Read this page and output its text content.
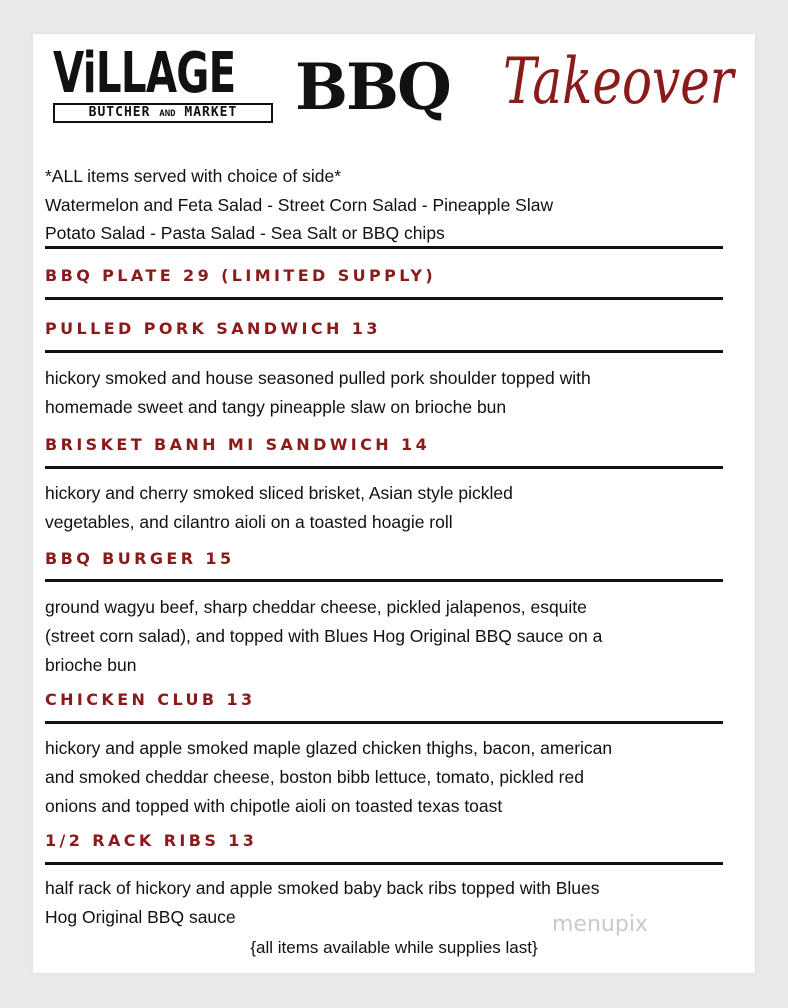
ViLLAGE
BUTCHER AND MARKET BBQ Takeover
*ALL items served with choice of side*
Watermelon and Feta Salad - Street Corn Salad - Pineapple Slaw
Potato Salad - Pasta Salad - Sea Salt or BBQ chips
BBQ PLATE 29 (LIMITED SUPPLY)
PULLED PORK SANDWICH 13
hickory smoked and house seasoned pulled pork shoulder topped with
homemade sweet and tangy pineapple slaw on brioche bun
BRISKET BANH MI SANDWICH 14
hickory and cherry smoked sliced brisket, Asian style pickled
vegetables, and cilantro aioli on a toasted hoagie roll
BBQ BURGER 15
ground wagyu beef, sharp cheddar cheese, pickled jalapenos, esquite
(street corn salad), and topped with Blues Hog Original BBQ sauce on a
brioche bun
CHICKEN CLUB 13
hickory and apple smoked maple glazed chicken thighs, bacon, american
and smoked cheddar cheese, boston bibb lettuce, tomato, pickled red
onions and topped with chipotle aioli on toasted texas toast
1/2 RACK RIBS 13
half rack of hickory and apple smoked baby back ribs topped with Blues
Hog Original BBQ sauce
{all items available while supplies last}
menupix
